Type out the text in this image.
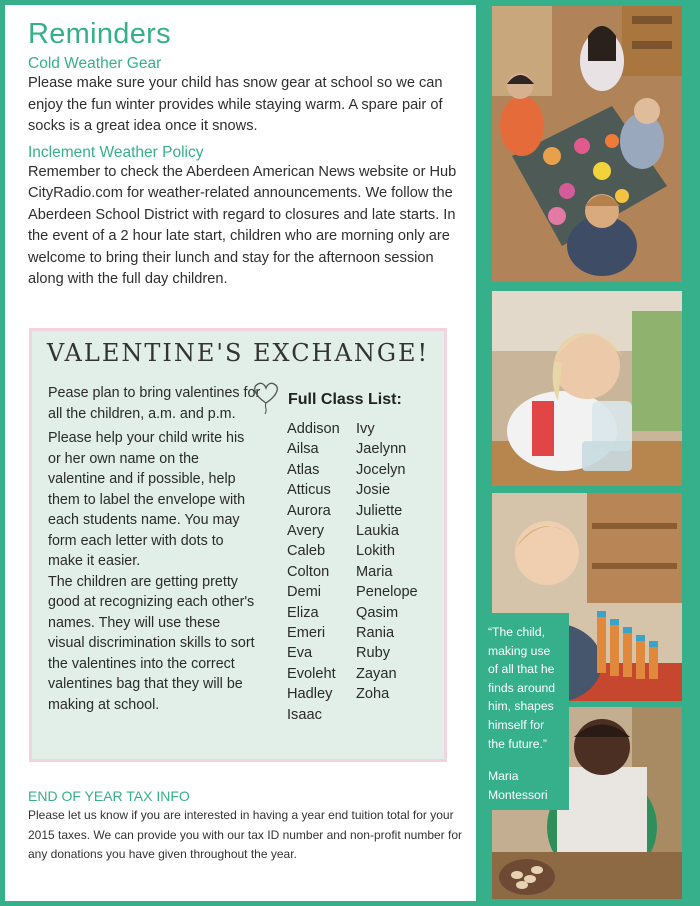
Reminders
Cold Weather Gear

Please make sure your child has snow gear at school so we can enjoy the fun winter provides while staying warm. A spare pair of socks is a great idea once it snows.

Inclement Weather Policy

Remember to check the Aberdeen American News website or Hub CityRadio.com for weather-related announcements. We follow the Aberdeen School District with regard to closures and late starts. In the event of a 2 hour late start, children who are morning only are welcome to bring their lunch and stay for the afternoon session along with the full day children.

VALENTINE'S EXCHANGE!

Pease plan to bring valentines for all the children, a.m. and p.m.

Please help your child write his or her own name on the valentine and if possible, help them to label the envelope with each students name. You may form each letter with dots to make it easier.

The children are getting pretty good at recognizing each other's names. They will use these visual discrimination skills to sort the valentines into the correct valentines bag that they will be making at school.

Full Class List:
Addison
Ailsa
Atlas
Atticus
Aurora
Avery
Caleb
Colton
Demi
Eliza
Emeri
Eva
Evoleht
Hadley
Isaac
Ivy
Jaelynn
Jocelyn
Josie
Juliette
Laukia
Lokith
Maria
Penelope
Qasim
Rania
Ruby
Zayan
Zoha
END OF YEAR TAX INFO

Please let us know if you are interested in having a year end tuition total for your 2015 taxes. We can provide you with our tax ID number and non-profit number for any donations you have given throughout the year.

“The child, making use of all that he finds around him, shapes himself for the future.”

Maria Montessori
